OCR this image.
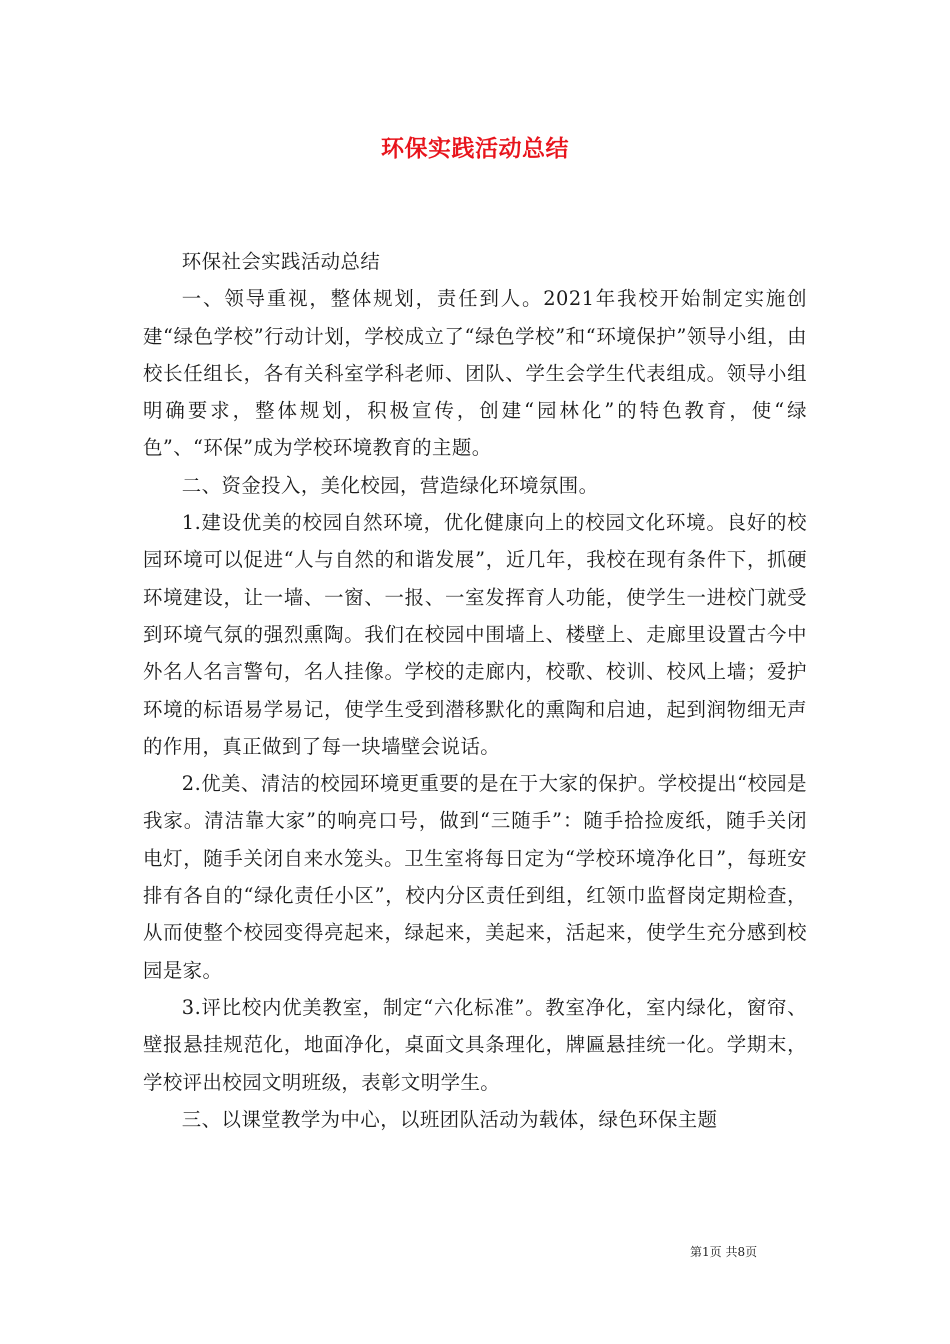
环保实践活动总结

环保社会实践活动总结

一、领导重视，整体规划，责任到人。2021年我校开始制定实施创建“绿色学校”行动计划，学校成立了“绿色学校”和“环境保护”领导小组，由校长任组长，各有关科室学科老师、团队、学生会学生代表组成。领导小组明确要求，整体规划，积极宣传，创建“园林化”的特色教育，使“绿色”、“环保”成为学校环境教育的主题。

二、资金投入，美化校园，营造绿化环境氛围。

1.建设优美的校园自然环境，优化健康向上的校园文化环境。良好的校园环境可以促进“人与自然的和谐发展”，近几年，我校在现有条件下，抓硬环境建设，让一墙、一窗、一报、一室发挥育人功能，使学生一进校门就受到环境气氛的强烈熏陶。我们在校园中围墙上、楼壁上、走廊里设置古今中外名人名言警句，名人挂像。学校的走廊内，校歌、校训、校风上墙；爱护环境的标语易学易记，使学生受到潜移默化的熏陶和启迪，起到润物细无声的作用，真正做到了每一块墙壁会说话。

2.优美、清洁的校园环境更重要的是在于大家的保护。学校提出“校园是我家。清洁靠大家”的响亮口号，做到“三随手”：随手拾捡废纸，随手关闭电灯，随手关闭自来水笼头。卫生室将每日定为“学校环境净化日”，每班安排有各自的“绿化责任小区”，校内分区责任到组，红领巾监督岗定期检查，从而使整个校园变得亮起来，绿起来，美起来，活起来，使学生充分感到校园是家。

3.评比校内优美教室，制定“六化标准”。教室净化，室内绿化，窗帘、壁报悬挂规范化，地面净化，桌面文具条理化，牌匾悬挂统一化。学期末，学校评出校园文明班级，表彰文明学生。

三、以课堂教学为中心，以班团队活动为载体，绿色环保主题

第1页 共8页
